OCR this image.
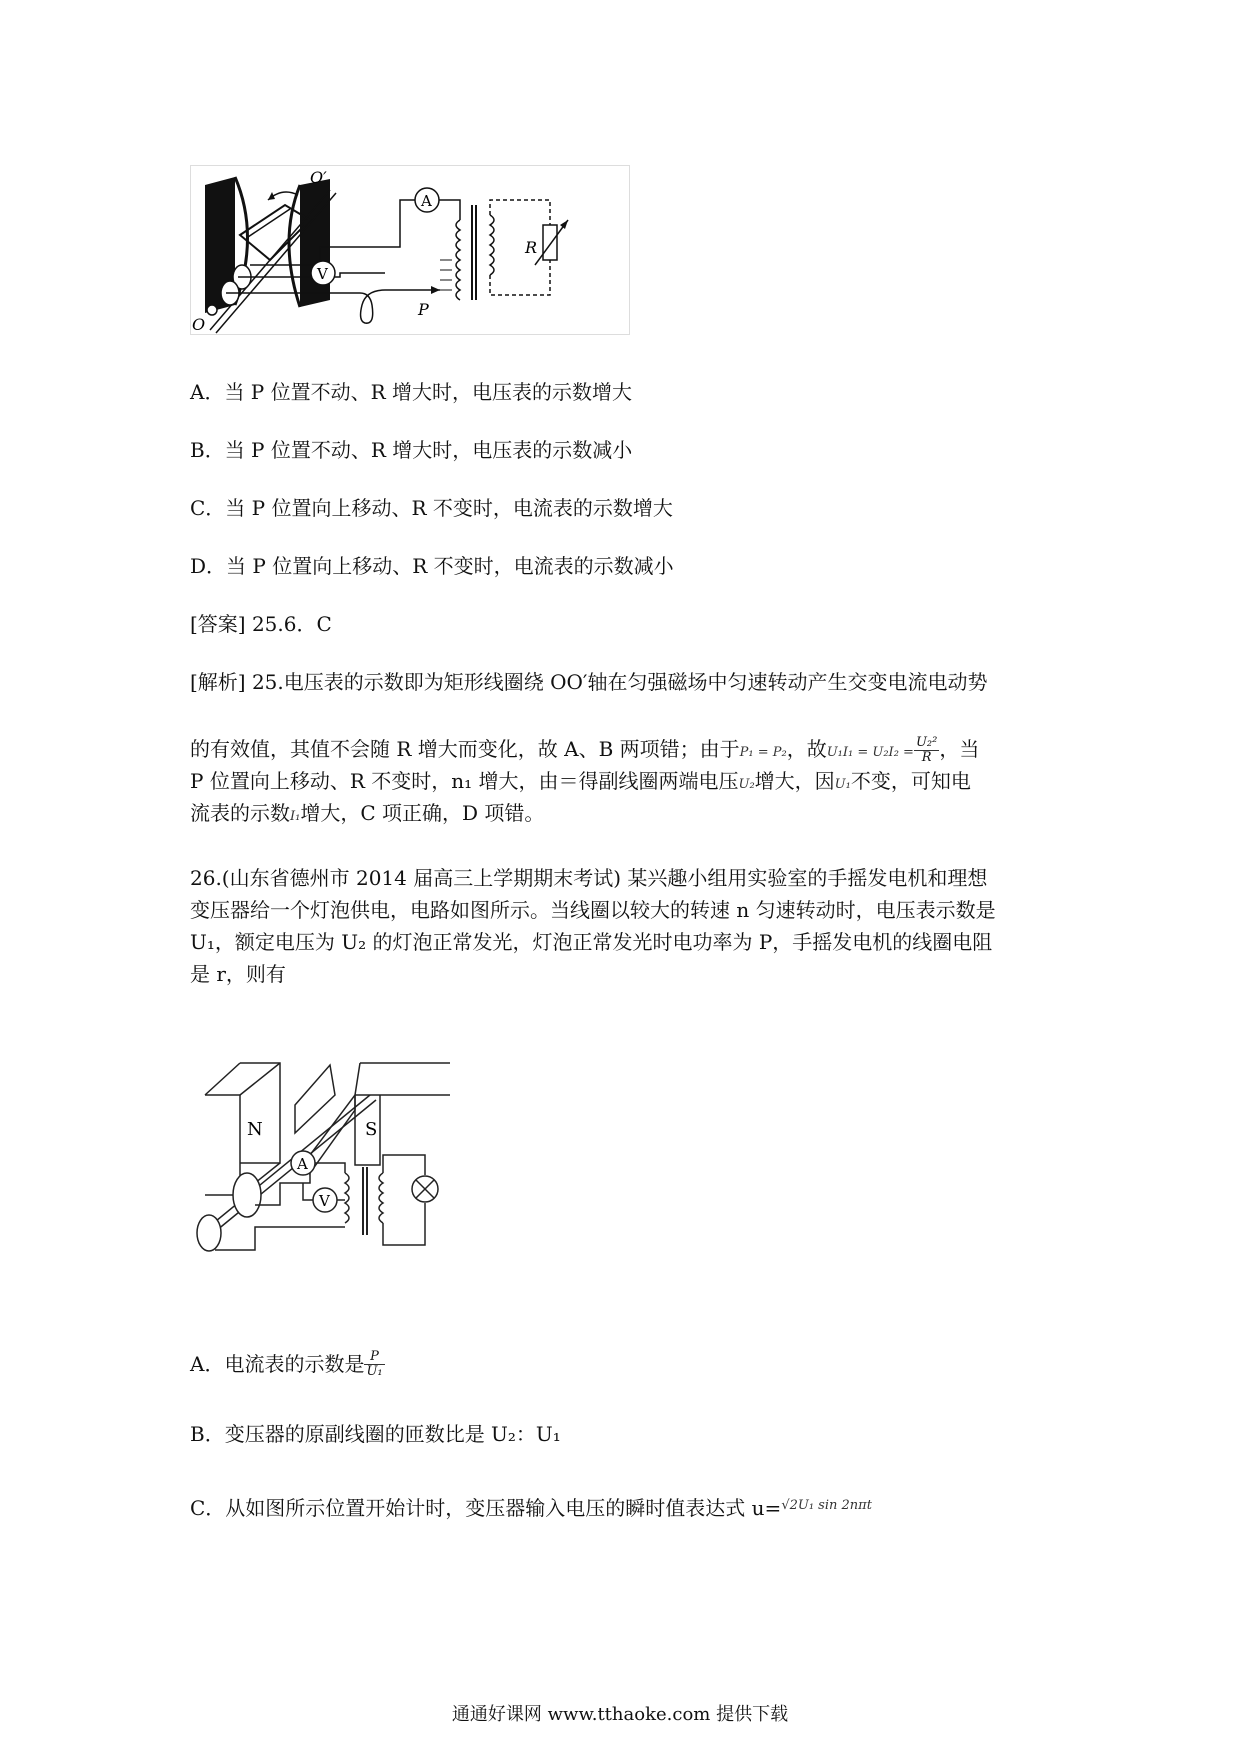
O
O′
A
R
V
P
A．当 P 位置不动、R 增大时，电压表的示数增大
B．当 P 位置不动、R 增大时，电压表的示数减小
C．当 P 位置向上移动、R 不变时，电流表的示数增大
D．当 P 位置向上移动、R 不变时，电流表的示数减小
[答案] 25.6．C
[解析] 25.电压表的示数即为矩形线圈绕 OO′轴在匀强磁场中匀速转动产生交变电流电动势
的有效值，其值不会随 R 增大而变化，故 A、B 两项错；由于P₁ = P₂，故$U_1I_1 = U_2I_2 = \frac{\text{U₂²}}{R}$ ，当
P 位置向上移动、R 不变时，n₁ 增大，由＝得副线圈两端电压U₂增大，因U₁不变，可知电
流表的示数I₁增大，C 项正确，D 项错。
26.(山东省德州市 2014 届高三上学期期末考试) 某兴趣小组用实验室的手摇发电机和理想
变压器给一个灯泡供电，电路如图所示。当线圈以较大的转速 n 匀速转动时，电压表示数是
U₁，额定电压为 U₂ 的灯泡正常发光，灯泡正常发光时电功率为 P，手摇发电机的线圈电阻
是 r，则有
N	S
A
V
A．电流表的示数是 $\frac{P}{\text{U₁}}$
B．变压器的原副线圈的匝数比是 U₂：U₁
C．从如图所示位置开始计时，变压器输入电压的瞬时值表达式 u=$^{√2U_1 sin 2n\pi t}$
通通好课网 www.tthaoke.com 提供下载
